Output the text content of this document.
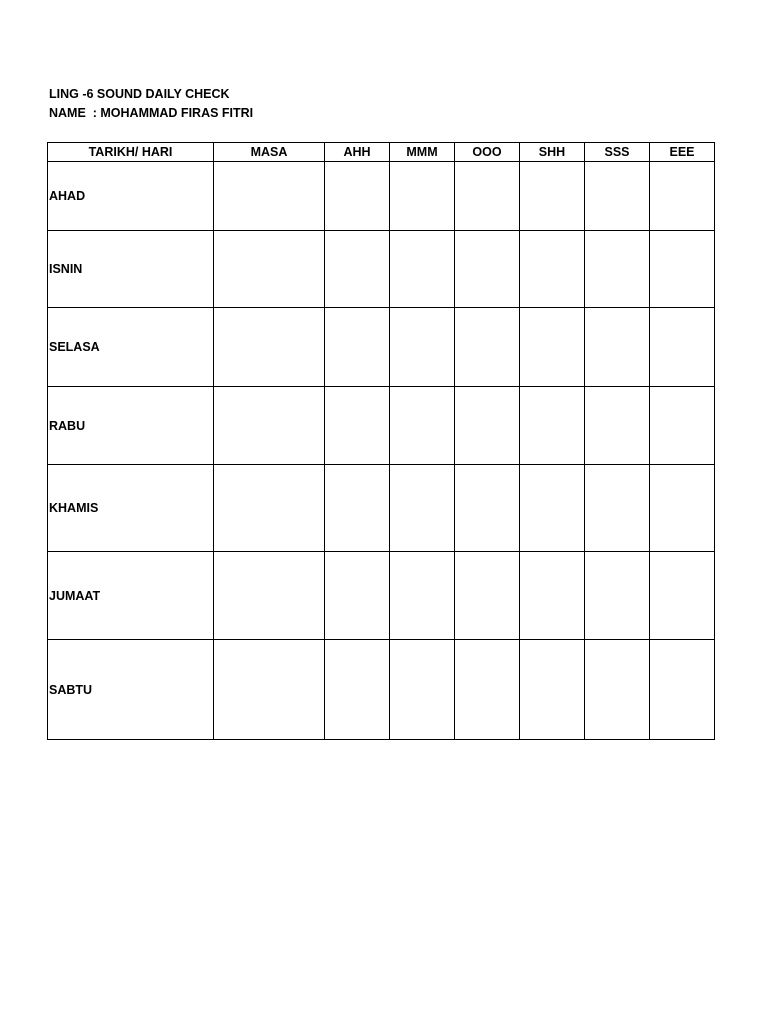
LING -6 SOUND DAILY CHECK
NAME  : MOHAMMAD FIRAS FITRI
TARIKH/ HARI	MASA	AHH	MMM	OOO	SHH	SSS	EEE
AHAD							
ISNIN							
SELASA							
RABU							
KHAMIS							
JUMAAT							
SABTU							
